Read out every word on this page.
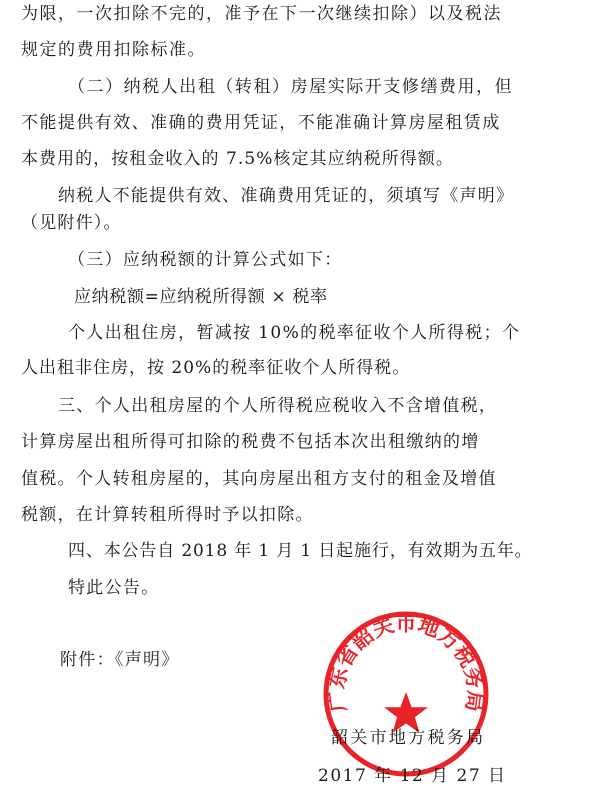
为限，一次扣除不完的，准予在下一次继续扣除）以及税法
规定的费用扣除标准。
（二）纳税人出租（转租）房屋实际开支修缮费用，但
不能提供有效、准确的费用凭证，不能准确计算房屋租赁成
本费用的，按租金收入的 7.5%核定其应纳税所得额。
纳税人不能提供有效、准确费用凭证的，须填写《声明》
（见附件）。
（三）应纳税额的计算公式如下：
应纳税额=应纳税所得额 × 税率
个人出租住房，暂减按 10%的税率征收个人所得税；个
人出租非住房，按 20%的税率征收个人所得税。
三、个人出租房屋的个人所得税应税收入不含增值税，
计算房屋出租所得可扣除的税费不包括本次出租缴纳的增
值税。个人转租房屋的，其向房屋出租方支付的租金及增值
税额，在计算转租所得时予以扣除。
四、本公告自 2018 年 1 月 1 日起施行，有效期为五年。
特此公告。
附件：《声明》
韶关市地方税务局
2017 年 12 月 27 日
广东省韶关市地方税务局
